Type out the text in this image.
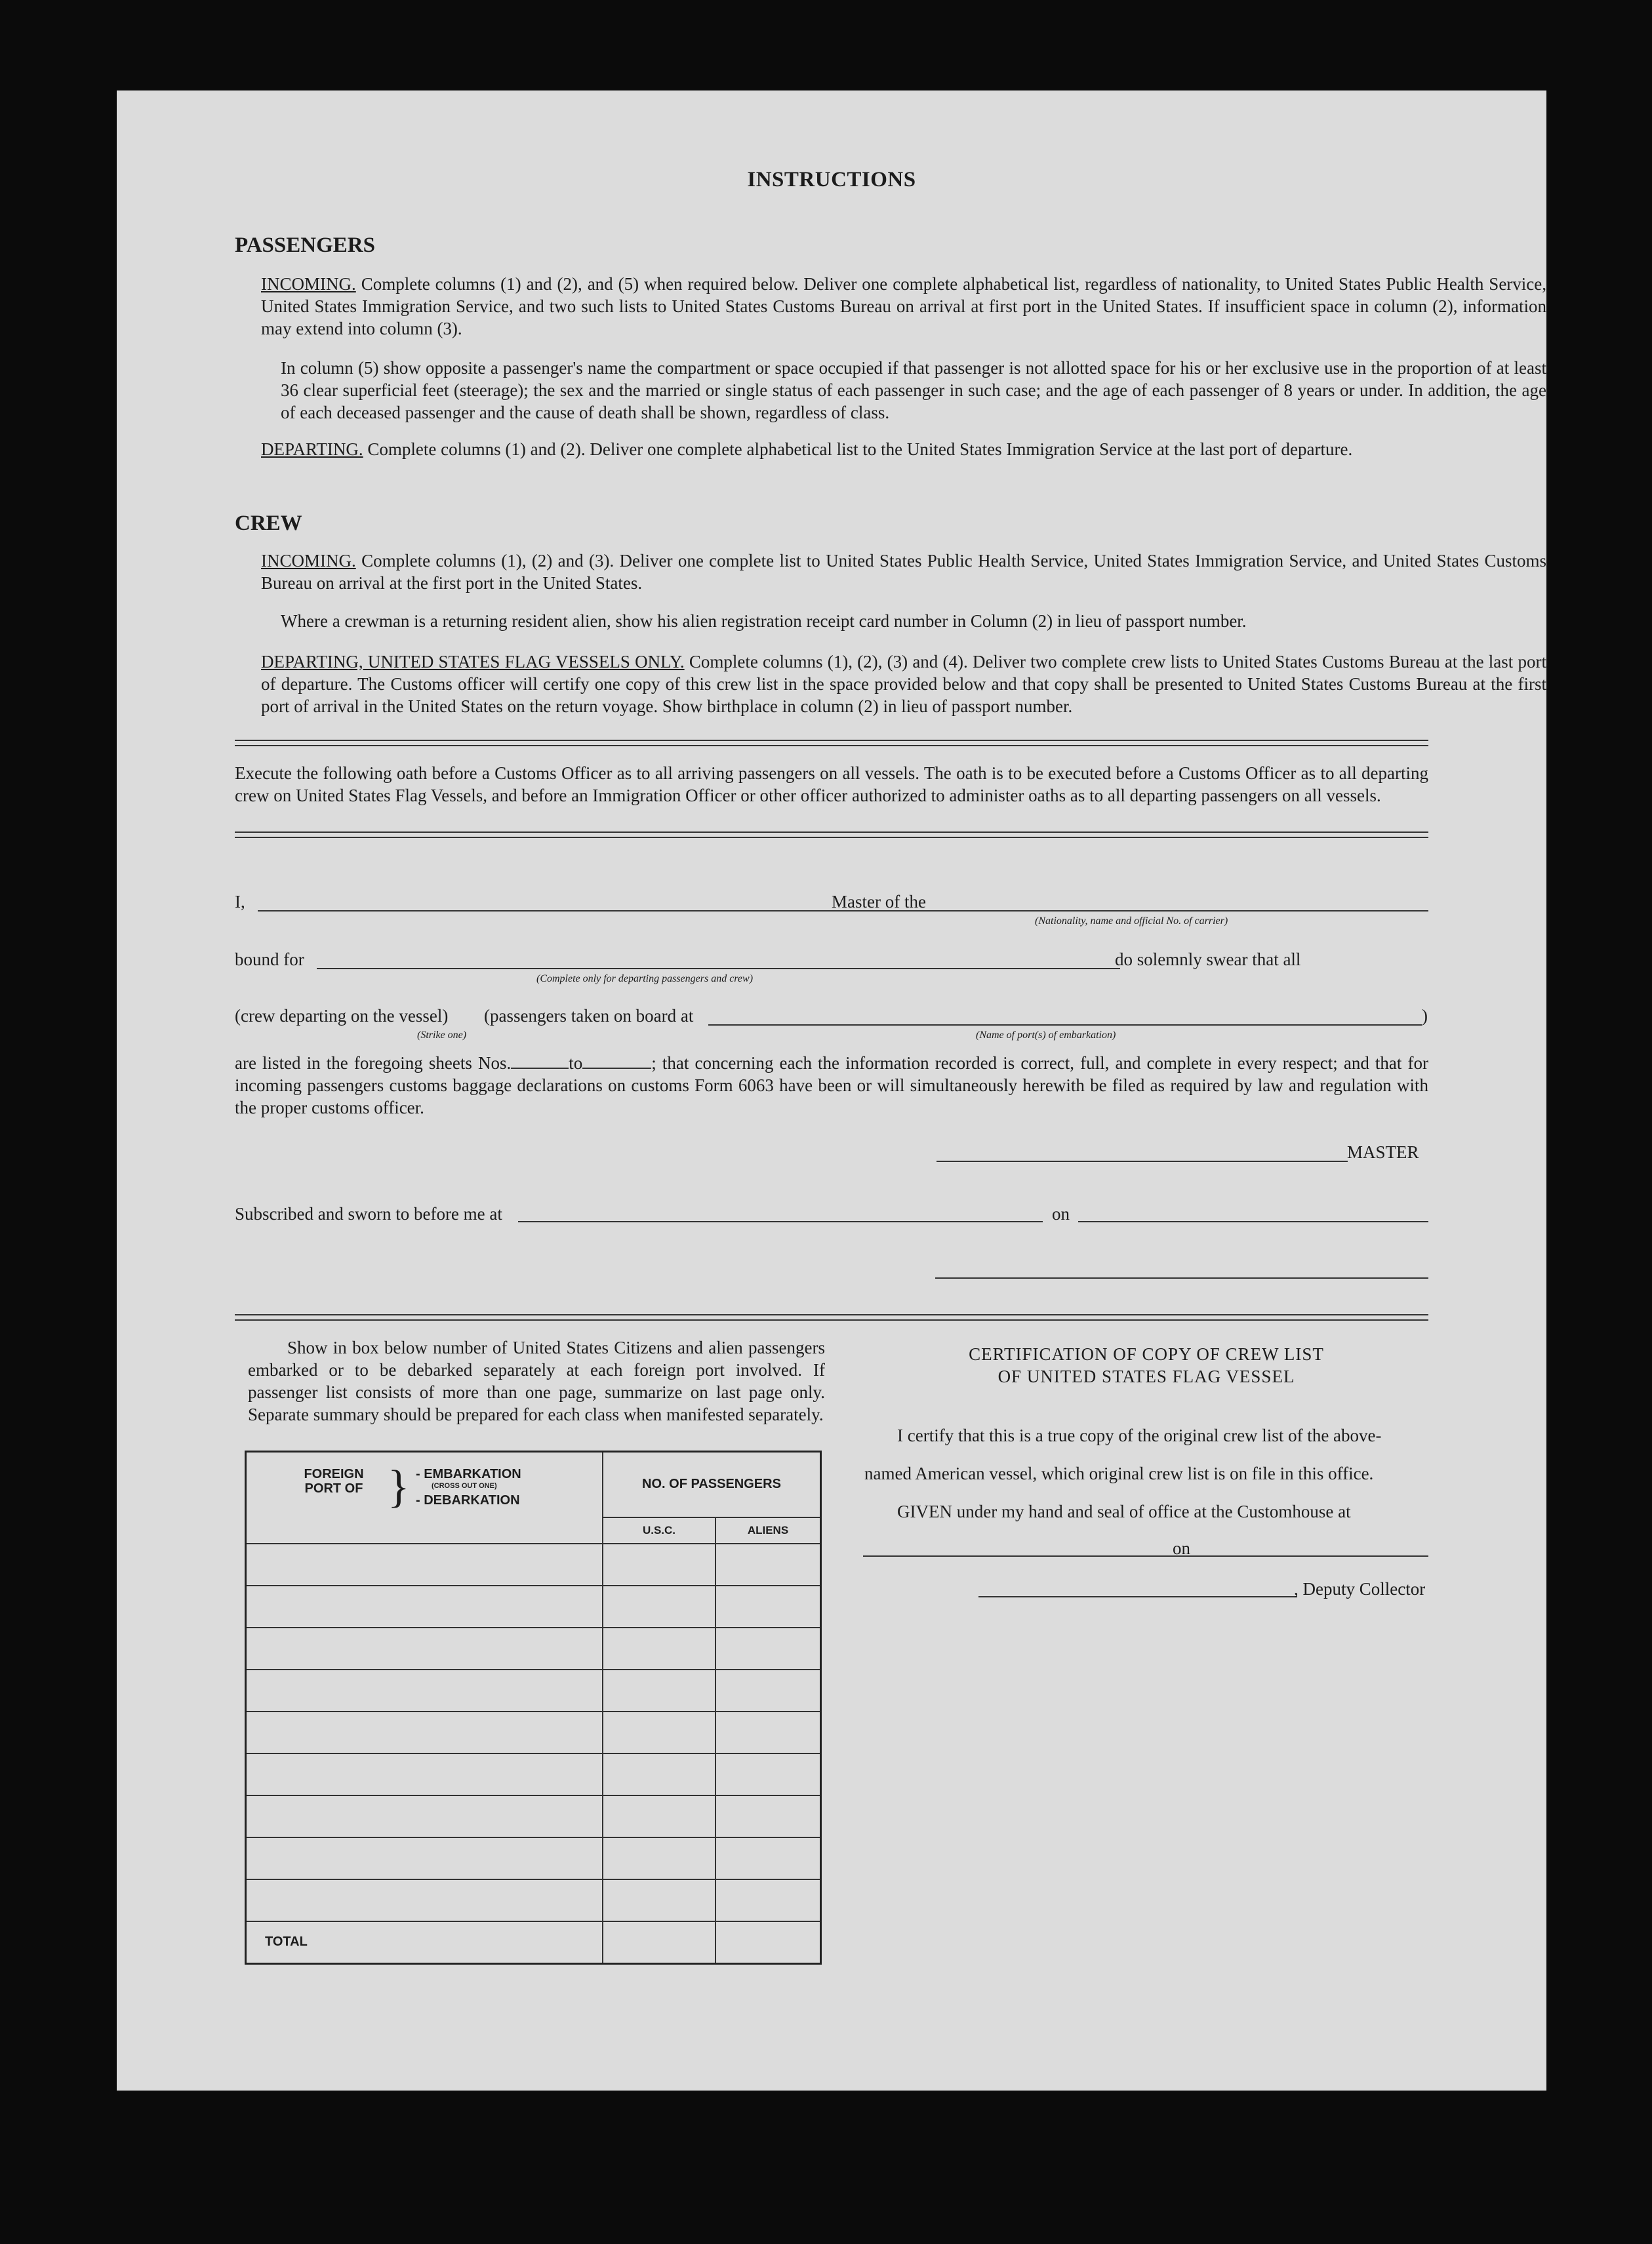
INSTRUCTIONS
PASSENGERS
INCOMING. Complete columns (1) and (2), and (5) when required below. Deliver one complete alphabetical list, regardless of nationality, to United States Public Health Service, United States Immigration Service, and two such lists to United States Customs Bureau on arrival at first port in the United States. If insufficient space in column (2), information may extend into column (3).
In column (5) show opposite a passenger's name the compartment or space occupied if that passenger is not allotted space for his or her exclusive use in the proportion of at least 36 clear superficial feet (steerage); the sex and the married or single status of each passenger in such case; and the age of each passenger of 8 years or under. In addition, the age of each deceased passenger and the cause of death shall be shown, regardless of class.
DEPARTING. Complete columns (1) and (2). Deliver one complete alphabetical list to the United States Immigration Service at the last port of departure.
CREW
INCOMING. Complete columns (1), (2) and (3). Deliver one complete list to United States Public Health Service, United States Immigration Service, and United States Customs Bureau on arrival at the first port in the United States.
Where a crewman is a returning resident alien, show his alien registration receipt card number in Column (2) in lieu of passport number.
DEPARTING, UNITED STATES FLAG VESSELS ONLY. Complete columns (1), (2), (3) and (4). Deliver two complete crew lists to United States Customs Bureau at the last port of departure. The Customs officer will certify one copy of this crew list in the space provided below and that copy shall be presented to United States Customs Bureau at the first port of arrival in the United States on the return voyage. Show birthplace in column (2) in lieu of passport number.
Execute the following oath before a Customs Officer as to all arriving passengers on all vessels. The oath is to be executed before a Customs Officer as to all departing crew on United States Flag Vessels, and before an Immigration Officer or other officer authorized to administer oaths as to all departing passengers on all vessels.
I,	Master of the
(Nationality, name and official No. of carrier)
bound for	do solemnly swear that all
(Complete only for departing passengers and crew)
(crew departing on the vessel) (passengers taken on board at	)
(Strike one)	(Name of port(s) of embarkation)
are listed in the foregoing sheets Nos.	to	; that concerning each the information recorded is correct, full, and complete in every respect; and that for incoming passengers customs baggage declarations on customs Form 6063 have been or will simultaneously herewith be filed as required by law and regulation with the proper customs officer.
MASTER
Subscribed and sworn to before me at	on
Show in box below number of United States Citizens and alien passengers embarked or to be debarked separately at each foreign port involved. If passenger list consists of more than one page, summarize on last page only. Separate summary should be prepared for each class when manifested separately.
FOREIGN PORT OF } - EMBARKATION
(CROSS OUT ONE)
- DEBARKATION	NO. OF PASSENGERS	
	U.S.C.	ALIENS

TOTAL		
CERTIFICATION OF COPY OF CREW LIST
OF UNITED STATES FLAG VESSEL
I certify that this is a true copy of the original crew list of the above-
named American vessel, which original crew list is on file in this office.
GIVEN under my hand and seal of office at the Customhouse at
on
, Deputy Collector
